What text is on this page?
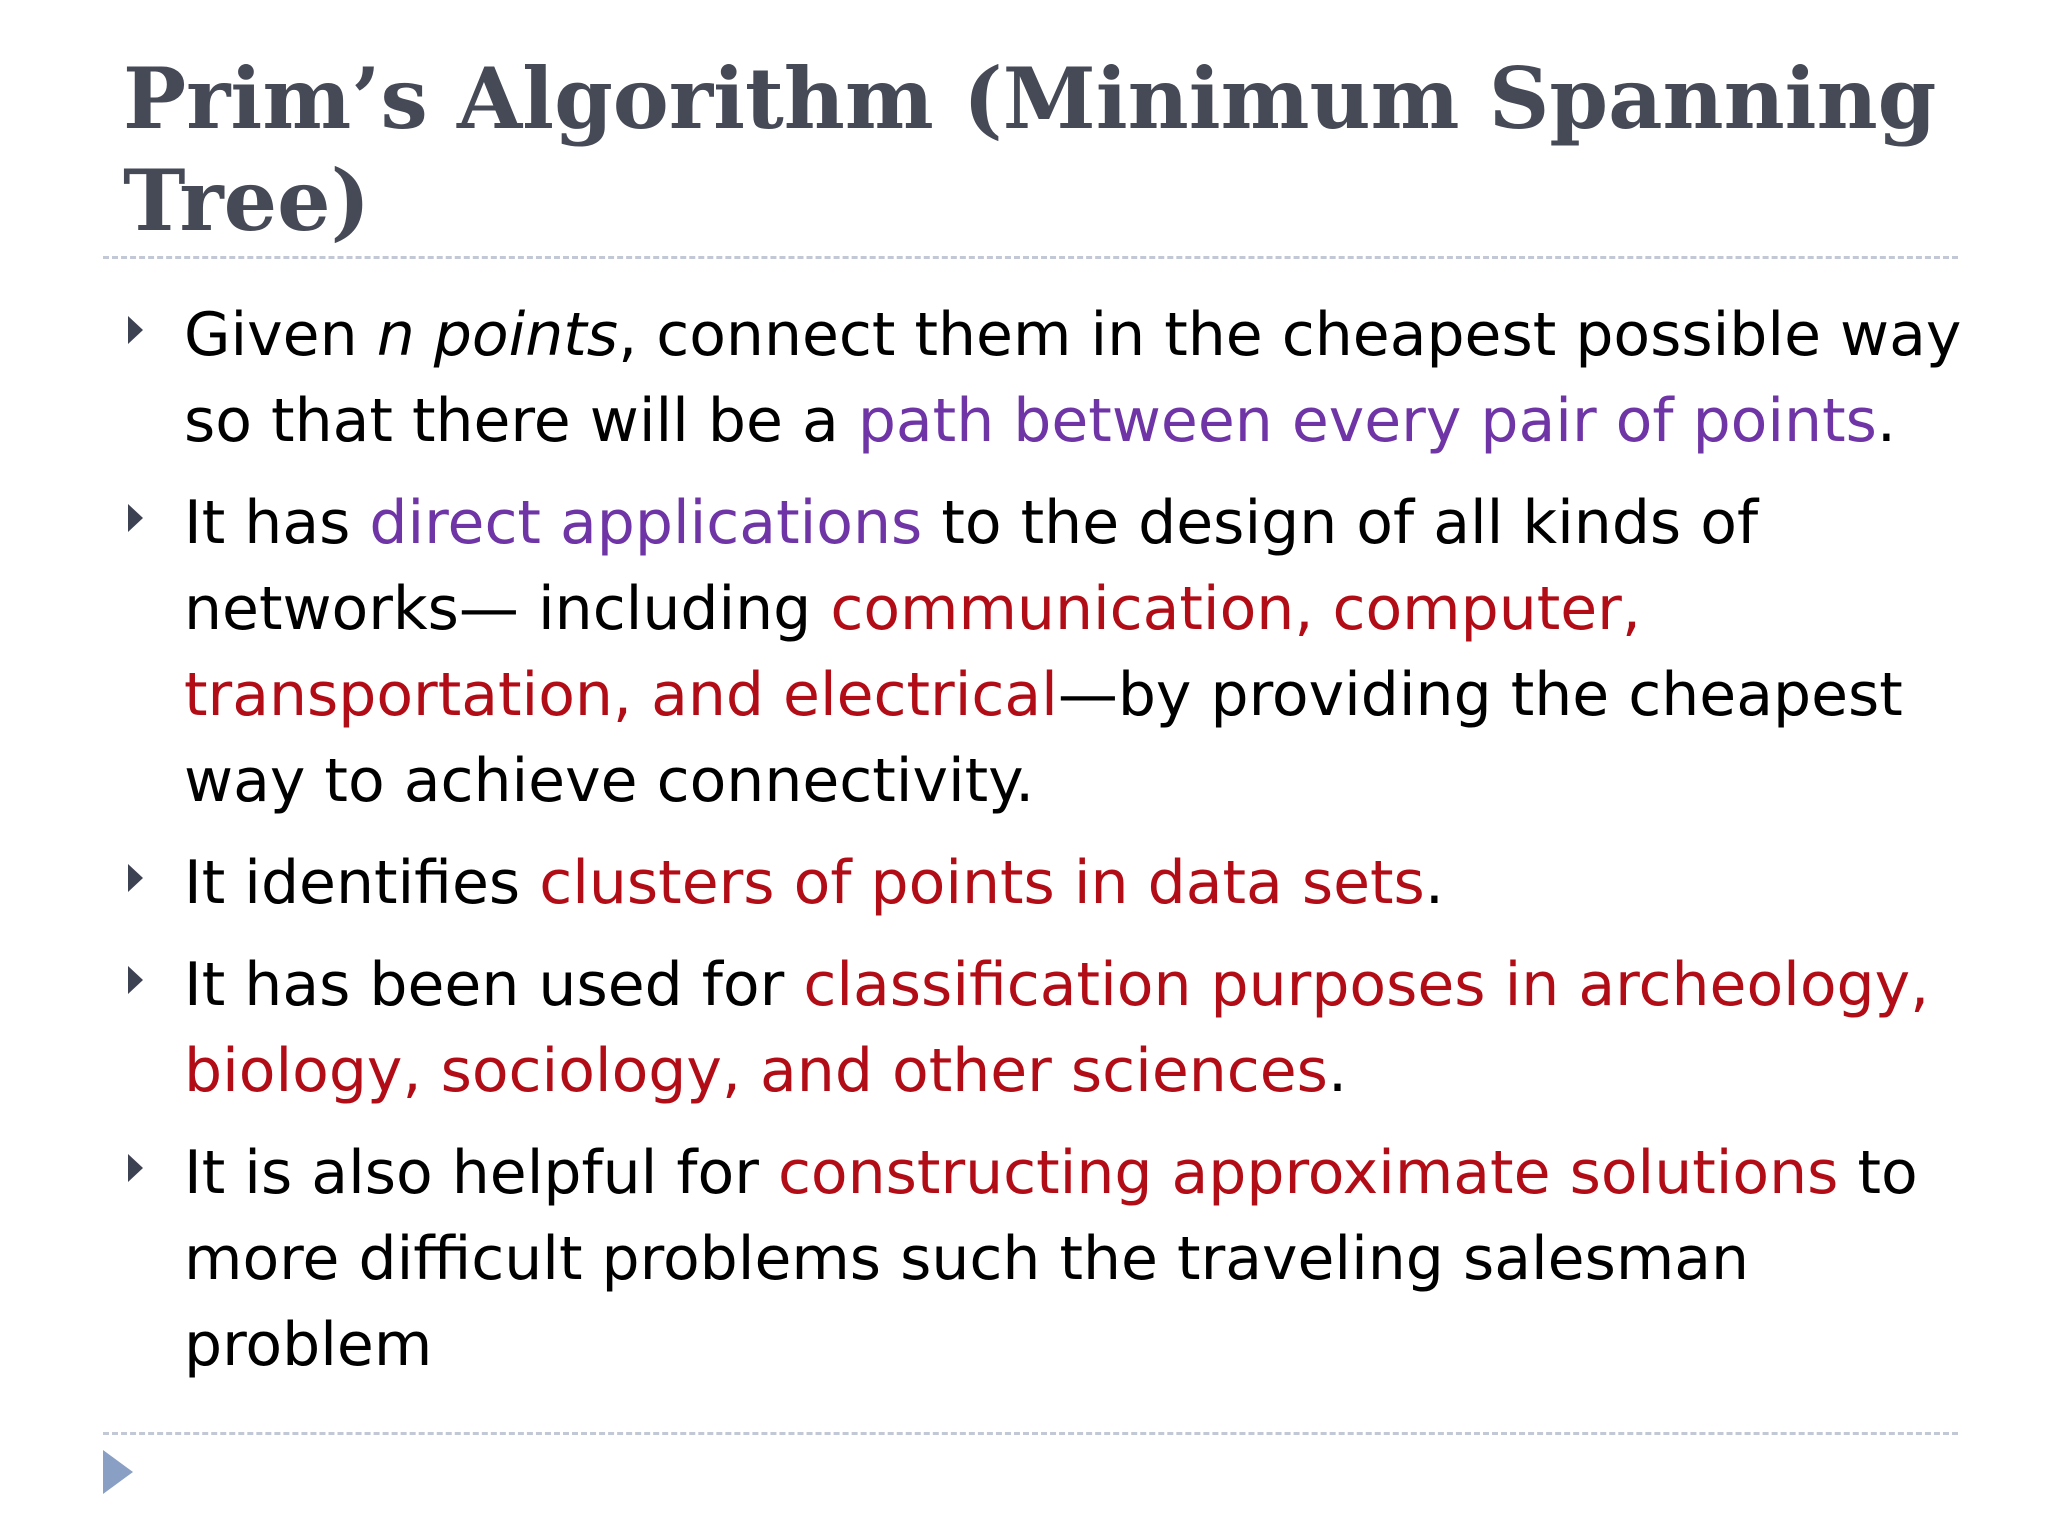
Prim’s Algorithm (Minimum Spanning Tree)
Given n points, connect them in the cheapest possible way so that there will be a path between every pair of points.
It has direct applications to the design of all kinds of networks— including communication, computer, transportation, and electrical—by providing the cheapest way to achieve connectivity.
It identifies clusters of points in data sets.
It has been used for classification purposes in archeology, biology, sociology, and other sciences.
It is also helpful for constructing approximate solutions to more difficult problems such the traveling salesman problem
